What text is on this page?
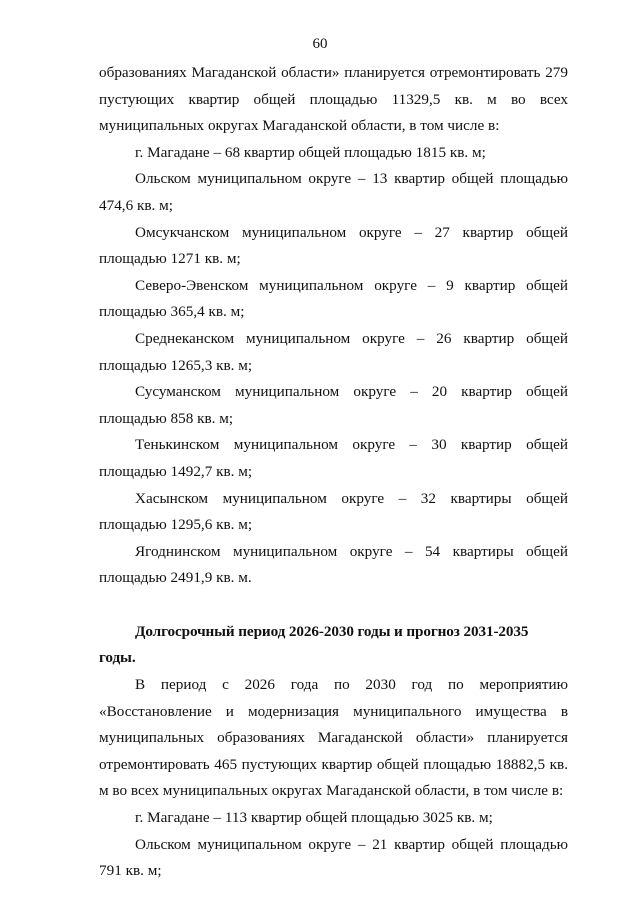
60

образованиях Магаданской области» планируется отремонтировать 279 пустующих квартир общей площадью 11329,5 кв. м во всех муниципальных округах Магаданской области, в том числе в:

г. Магадане – 68 квартир общей площадью 1815 кв. м;

Ольском муниципальном округе – 13 квартир общей площадью 474,6 кв. м;

Омсукчанском муниципальном округе – 27 квартир общей площадью 1271 кв. м;

Северо-Эвенском муниципальном округе – 9 квартир общей площадью 365,4 кв. м;

Среднеканском муниципальном округе – 26 квартир общей площадью 1265,3 кв. м;

Сусуманском муниципальном округе – 20 квартир общей площадью 858 кв. м;

Тенькинском муниципальном округе – 30 квартир общей площадью 1492,7 кв. м;

Хасынском муниципальном округе – 32 квартиры общей площадью 1295,6 кв. м;

Ягоднинском муниципальном округе – 54 квартиры общей площадью 2491,9 кв. м.

Долгосрочный период 2026-2030 годы и прогноз 2031-2035 годы.

В период с 2026 года по 2030 год по мероприятию «Восстановление и модернизация муниципального имущества в муниципальных образованиях Магаданской области» планируется отремонтировать 465 пустующих квартир общей площадью 18882,5 кв. м во всех муниципальных округах Магаданской области, в том числе в:

г. Магадане – 113 квартир общей площадью 3025 кв. м;

Ольском муниципальном округе – 21 квартир общей площадью 791 кв. м;
